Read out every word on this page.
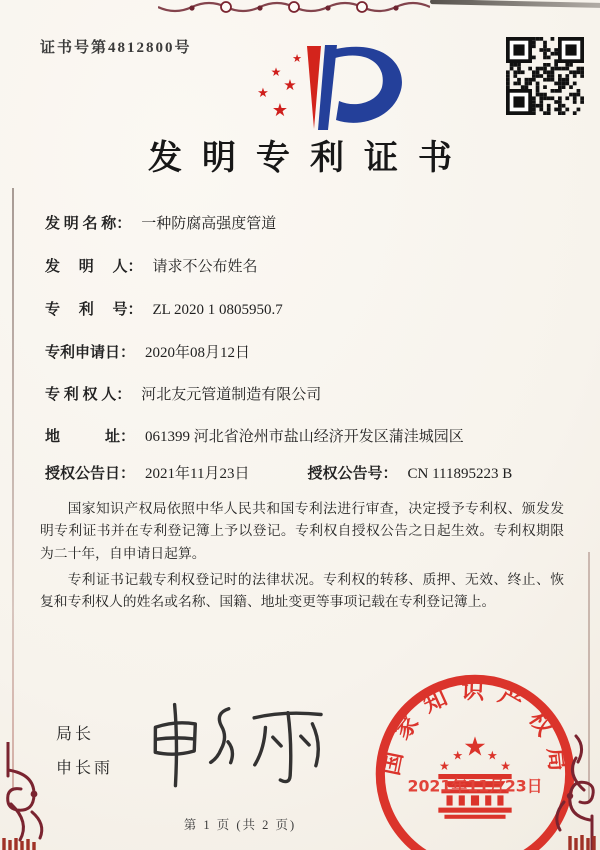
证书号第4812800号
★
★
★
★
★
发明专利证书
发 明 名 称： 一种防腐高强度管道
发　 明　 人： 请求不公布姓名
专　 利　 号： ZL 2020 1 0805950.7
专利申请日： 2020年08月12日
专 利 权 人： 河北友元管道制造有限公司
地　　　址： 061399 河北省沧州市盐山经济开发区蒲洼城园区
授权公告日： 2021年11月23日	授权公告号： CN 111895223 B

国家知识产权局依照中华人民共和国专利法进行审查，决定授予专利权、颁发发明专利证书并在专利登记簿上予以登记。专利权自授权公告之日起生效。专利权期限为二十年，自申请日起算。

专利证书记载专利权登记时的法律状况。专利权的转移、质押、无效、终止、恢复和专利权人的姓名或名称、国籍、地址变更等事项记载在专利登记簿上。

局长
申长雨	国家知识产权局
★
★	★
★ ★
2021年11月23日
第 1 页 (共 2 页)
